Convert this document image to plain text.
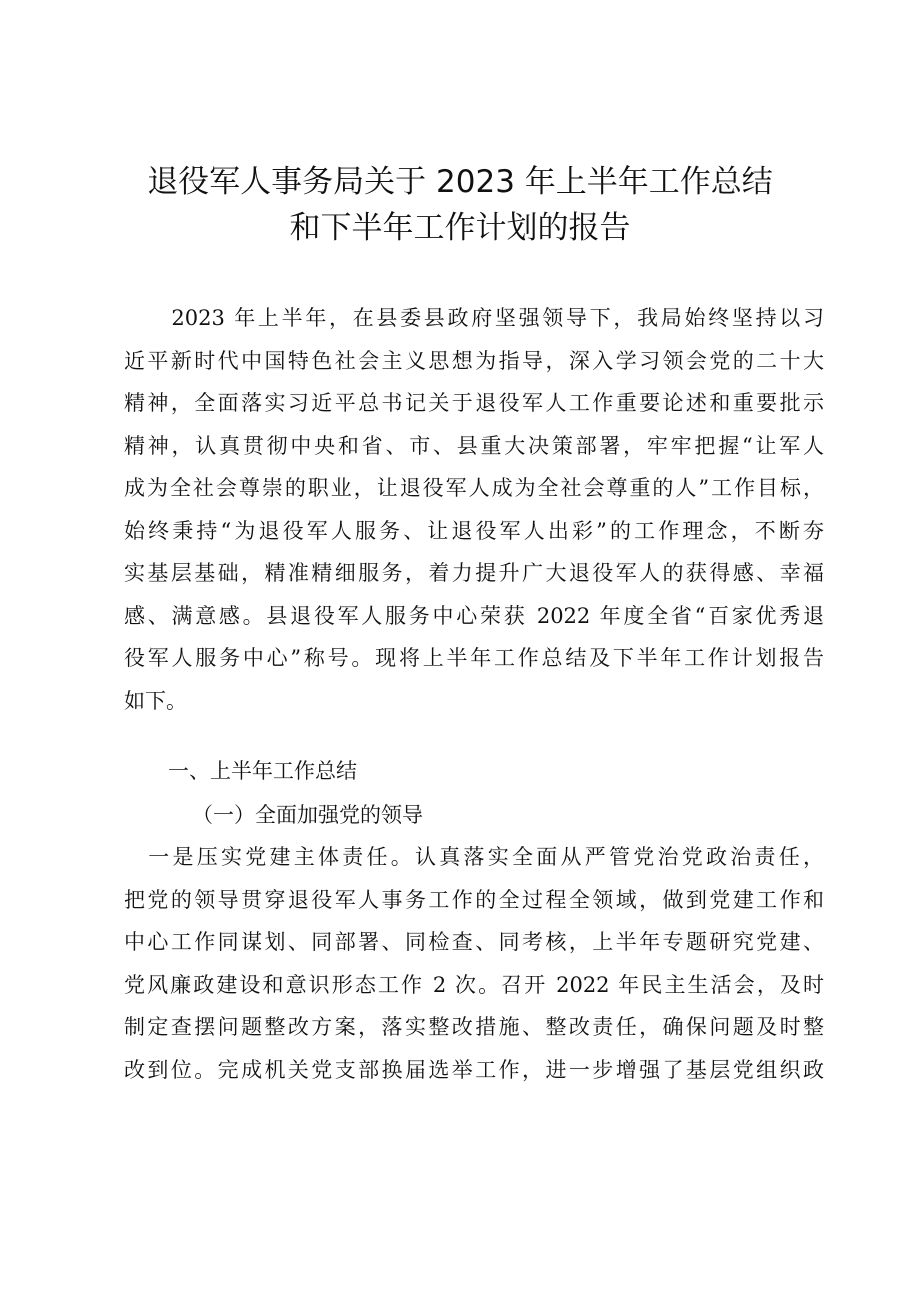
退役军人事务局关于 2023 年上半年工作总结
和下半年工作计划的报告
　　2023 年上半年，在县委县政府坚强领导下，我局始终坚持以习
近平新时代中国特色社会主义思想为指导，深入学习领会党的二十大
精神，全面落实习近平总书记关于退役军人工作重要论述和重要批示
精神，认真贯彻中央和省、市、县重大决策部署，牢牢把握“让军人
成为全社会尊崇的职业，让退役军人成为全社会尊重的人”工作目标，
始终秉持“为退役军人服务、让退役军人出彩”的工作理念，不断夯
实基层基础，精准精细服务，着力提升广大退役军人的获得感、幸福
感、满意感。县退役军人服务中心荣获 2022 年度全省“百家优秀退
役军人服务中心”称号。现将上半年工作总结及下半年工作计划报告
如下。
一、上半年工作总结
（一）全面加强党的领导
　一是压实党建主体责任。认真落实全面从严管党治党政治责任，
把党的领导贯穿退役军人事务工作的全过程全领域，做到党建工作和
中心工作同谋划、同部署、同检查、同考核，上半年专题研究党建、
党风廉政建设和意识形态工作 2 次。召开 2022 年民主生活会，及时
制定查摆问题整改方案，落实整改措施、整改责任，确保问题及时整
改到位。完成机关党支部换届选举工作，进一步增强了基层党组织政
